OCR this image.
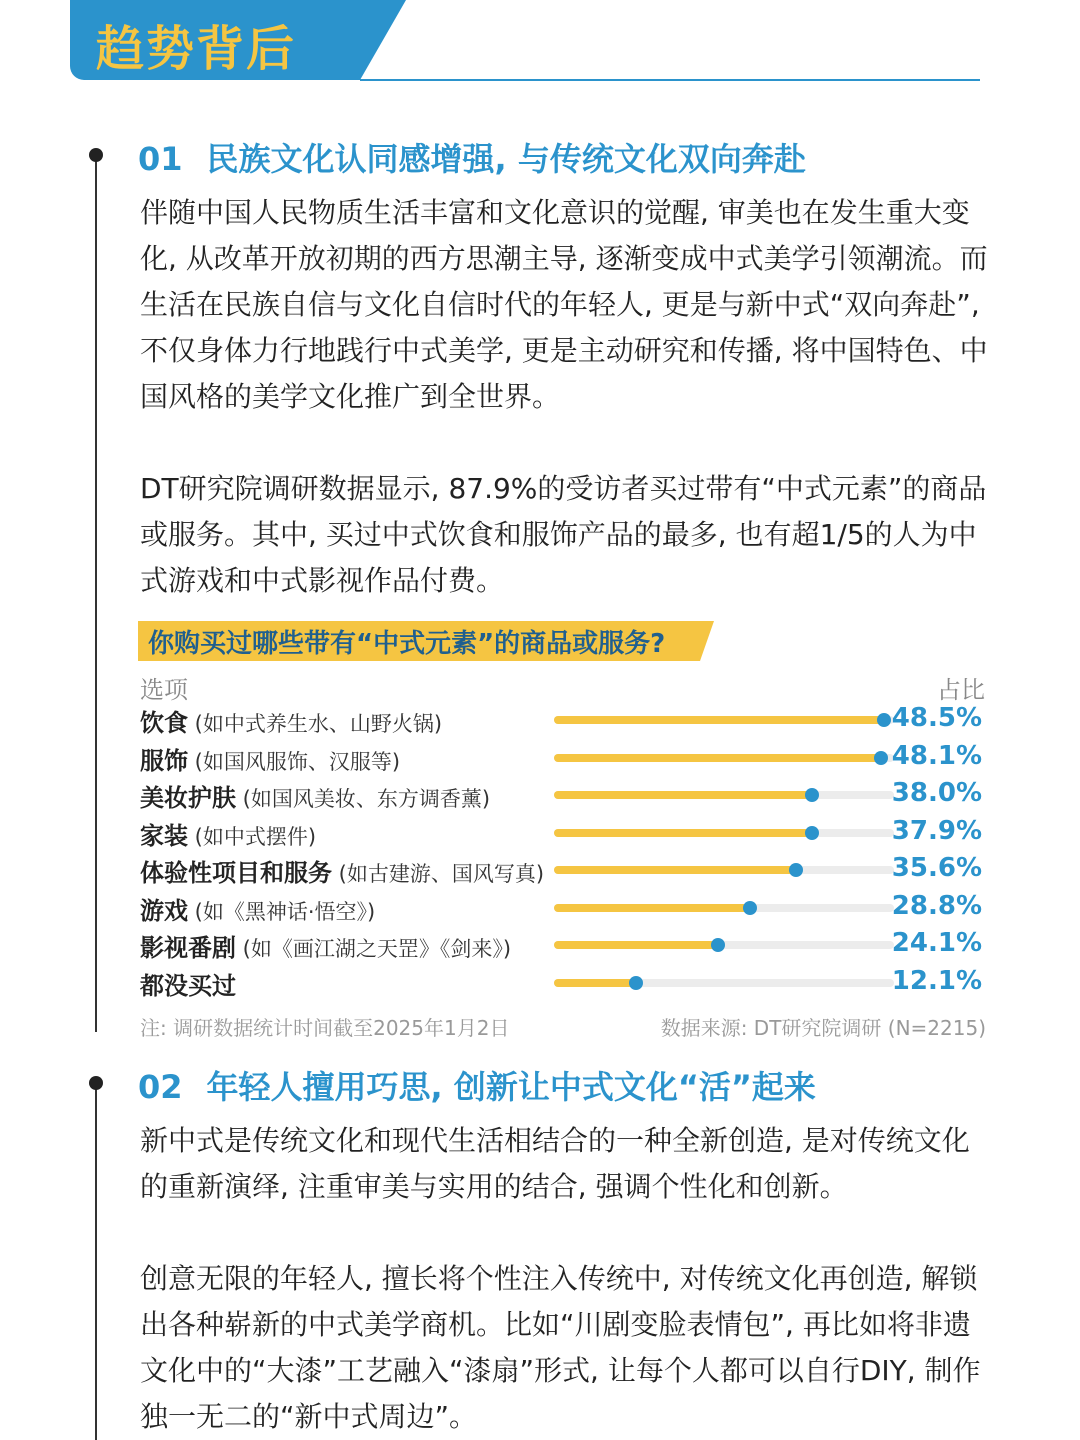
趋势背后
01 民族文化认同感增强, 与传统文化双向奔赴
伴随中国人民物质生活丰富和文化意识的觉醒, 审美也在发生重大变化, 从改革开放初期的西方思潮主导, 逐渐变成中式美学引领潮流。而生活在民族自信与文化自信时代的年轻人, 更是与新中式“双向奔赴”, 不仅身体力行地践行中式美学, 更是主动研究和传播, 将中国特色、中国风格的美学文化推广到全世界。
DT研究院调研数据显示, 87.9%的受访者买过带有“中式元素”的商品或服务。其中, 买过中式饮食和服饰产品的最多, 也有超1/5的人为中式游戏和中式影视作品付费。
你购买过哪些带有“中式元素”的商品或服务?
选项	占比
饮食 (如中式养生水、山野火锅)	48.5%
服饰 (如国风服饰、汉服等)	48.1%
美妆护肤 (如国风美妆、东方调香薰)	38.0%
家装 (如中式摆件)	37.9%
体验性项目和服务 (如古建游、国风写真)	35.6%
游戏 (如《黑神话·悟空》)	28.8%
影视番剧 (如《画江湖之天罡》《剑来》)	24.1%
都没买过	12.1%
注: 调研数据统计时间截至2025年1月2日	数据来源: DT研究院调研 (N=2215)
02 年轻人擅用巧思, 创新让中式文化“活”起来
新中式是传统文化和现代生活相结合的一种全新创造, 是对传统文化的重新演绎, 注重审美与实用的结合, 强调个性化和创新。
创意无限的年轻人, 擅长将个性注入传统中, 对传统文化再创造, 解锁出各种崭新的中式美学商机。比如“川剧变脸表情包”, 再比如将非遗文化中的“大漆”工艺融入“漆扇”形式, 让每个人都可以自行DIY, 制作独一无二的“新中式周边”。
